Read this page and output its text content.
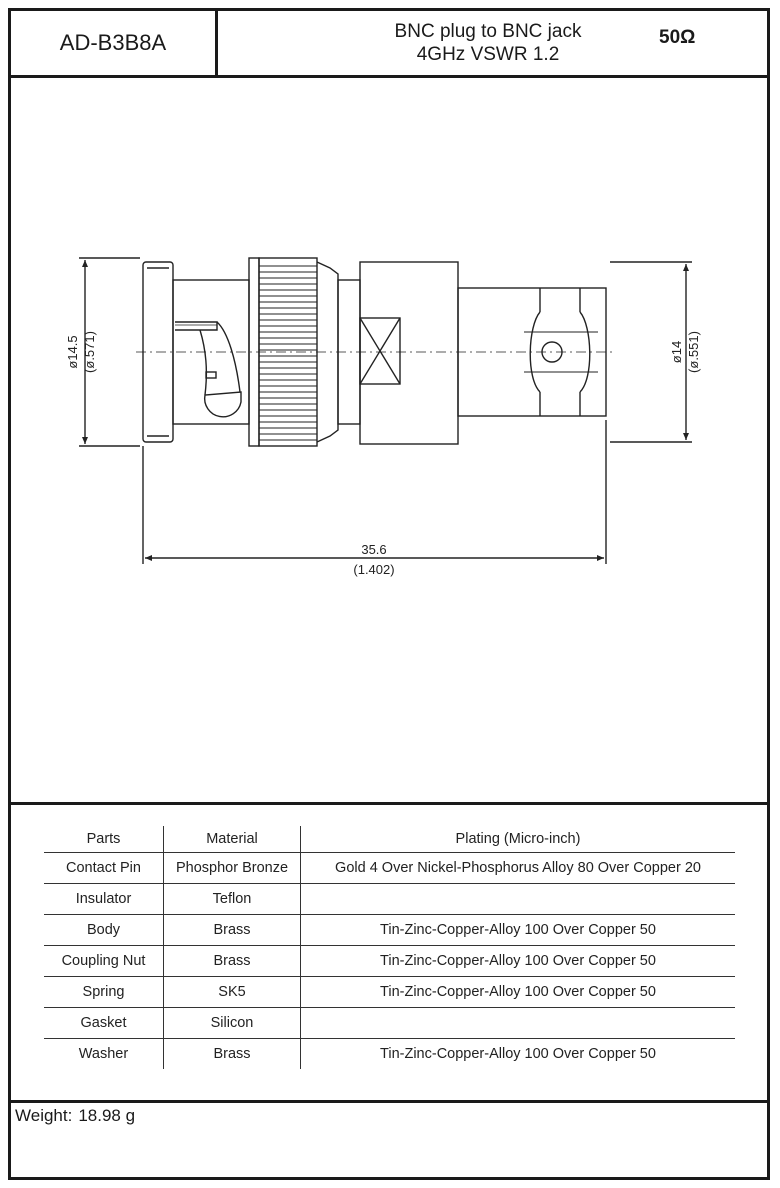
AD-B3B8A	BNC plug to BNC jack
4GHz VSWR 1.2
50Ω
ø14.5 (ø.571)	ø14 (ø.551)
35.6
(1.402)
Parts	Material	Plating (Micro-inch)
Contact Pin	Phosphor Bronze	Gold 4 Over Nickel-Phosphorus Alloy 80 Over Copper 20
Insulator	Teflon	
Body	Brass	Tin-Zinc-Copper-Alloy 100 Over Copper 50
Coupling Nut	Brass	Tin-Zinc-Copper-Alloy 100 Over Copper 50
Spring	SK5	Tin-Zinc-Copper-Alloy 100 Over Copper 50
Gasket	Silicon	
Washer	Brass	Tin-Zinc-Copper-Alloy 100 Over Copper 50
Weight: 18.98 g
